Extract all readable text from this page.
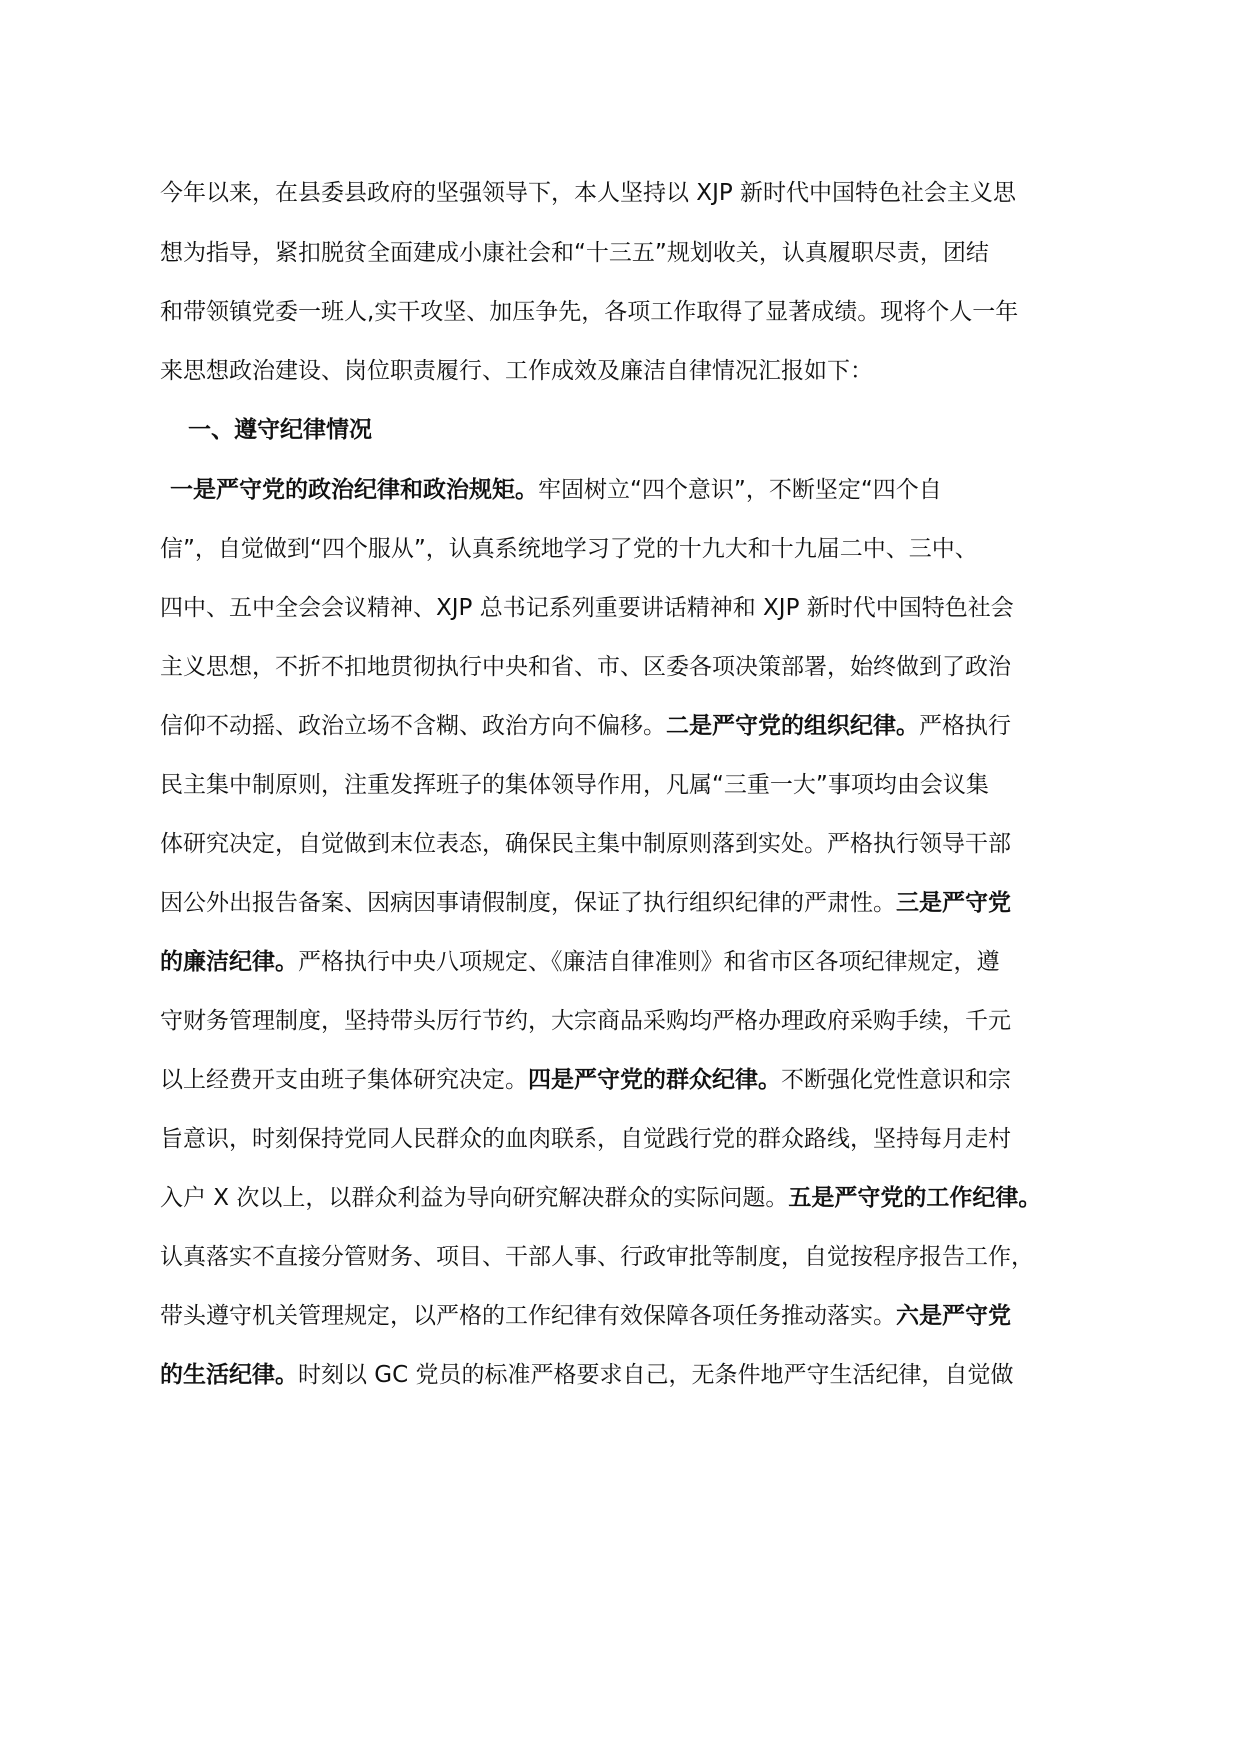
今年以来，在县委县政府的坚强领导下，本人坚持以 XJP 新时代中国特色社会主义思
想为指导，紧扣脱贫全面建成小康社会和“十三五”规划收关，认真履职尽责，团结
和带领镇党委一班人,实干攻坚、加压争先，各项工作取得了显著成绩。现将个人一年
来思想政治建设、岗位职责履行、工作成效及廉洁自律情况汇报如下：
一、遵守纪律情况
一是严守党的政治纪律和政治规矩。牢固树立“四个意识”，不断坚定“四个自
信”，自觉做到“四个服从”，认真系统地学习了党的十九大和十九届二中、三中、
四中、五中全会会议精神、XJP 总书记系列重要讲话精神和 XJP 新时代中国特色社会
主义思想，不折不扣地贯彻执行中央和省、市、区委各项决策部署，始终做到了政治
信仰不动摇、政治立场不含糊、政治方向不偏移。二是严守党的组织纪律。严格执行
民主集中制原则，注重发挥班子的集体领导作用，凡属“三重一大”事项均由会议集
体研究决定，自觉做到末位表态，确保民主集中制原则落到实处。严格执行领导干部
因公外出报告备案、因病因事请假制度，保证了执行组织纪律的严肃性。三是严守党
的廉洁纪律。严格执行中央八项规定、《廉洁自律准则》和省市区各项纪律规定，遵
守财务管理制度，坚持带头厉行节约，大宗商品采购均严格办理政府采购手续，千元
以上经费开支由班子集体研究决定。四是严守党的群众纪律。不断强化党性意识和宗
旨意识，时刻保持党同人民群众的血肉联系，自觉践行党的群众路线，坚持每月走村
入户 X 次以上，以群众利益为导向研究解决群众的实际问题。五是严守党的工作纪律。
认真落实不直接分管财务、项目、干部人事、行政审批等制度，自觉按程序报告工作，
带头遵守机关管理规定，以严格的工作纪律有效保障各项任务推动落实。六是严守党
的生活纪律。时刻以 GC 党员的标准严格要求自己，无条件地严守生活纪律，自觉做
